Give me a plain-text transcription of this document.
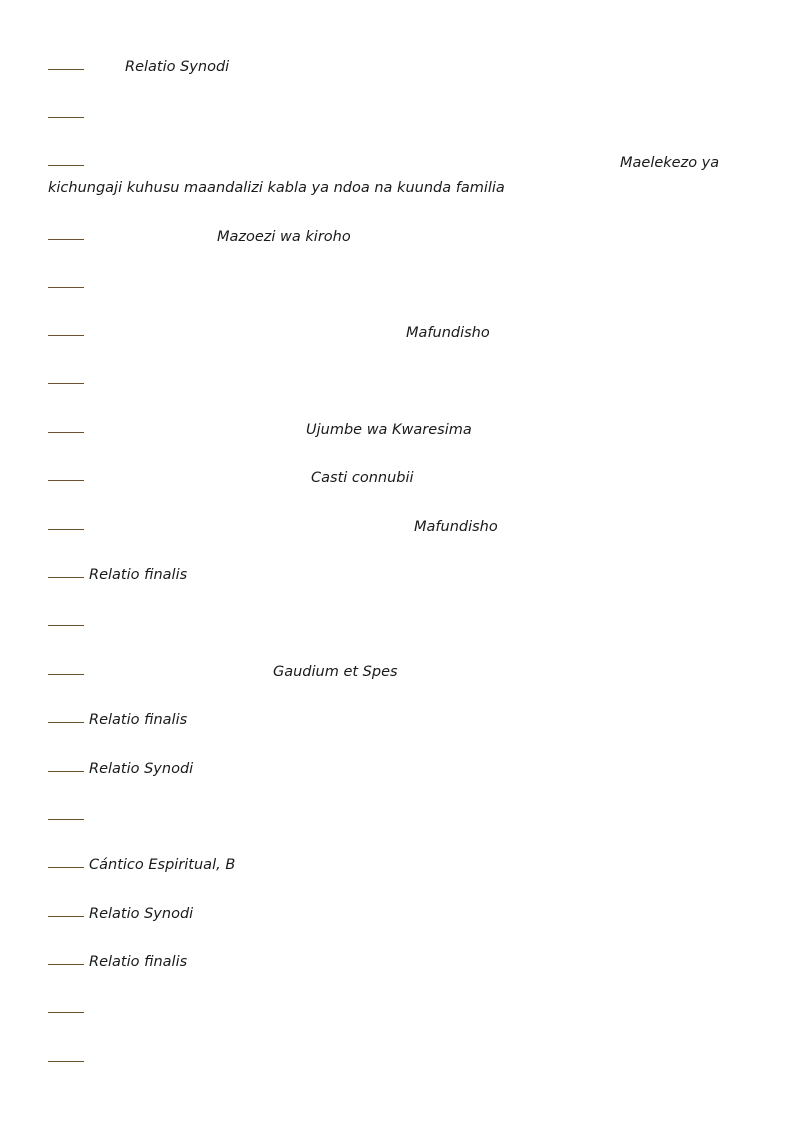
Relatio Synodi
Maelekezo ya kichungaji kuhusu maandalizi kabla ya ndoa na kuunda familia
Mazoezi wa kiroho
Mafundisho
Ujumbe wa Kwaresima
Casti connubii
Mafundisho
Relatio finalis
Gaudium et Spes
Relatio finalis
Relatio Synodi
Cántico Espiritual, B
Relatio Synodi
Relatio finalis
